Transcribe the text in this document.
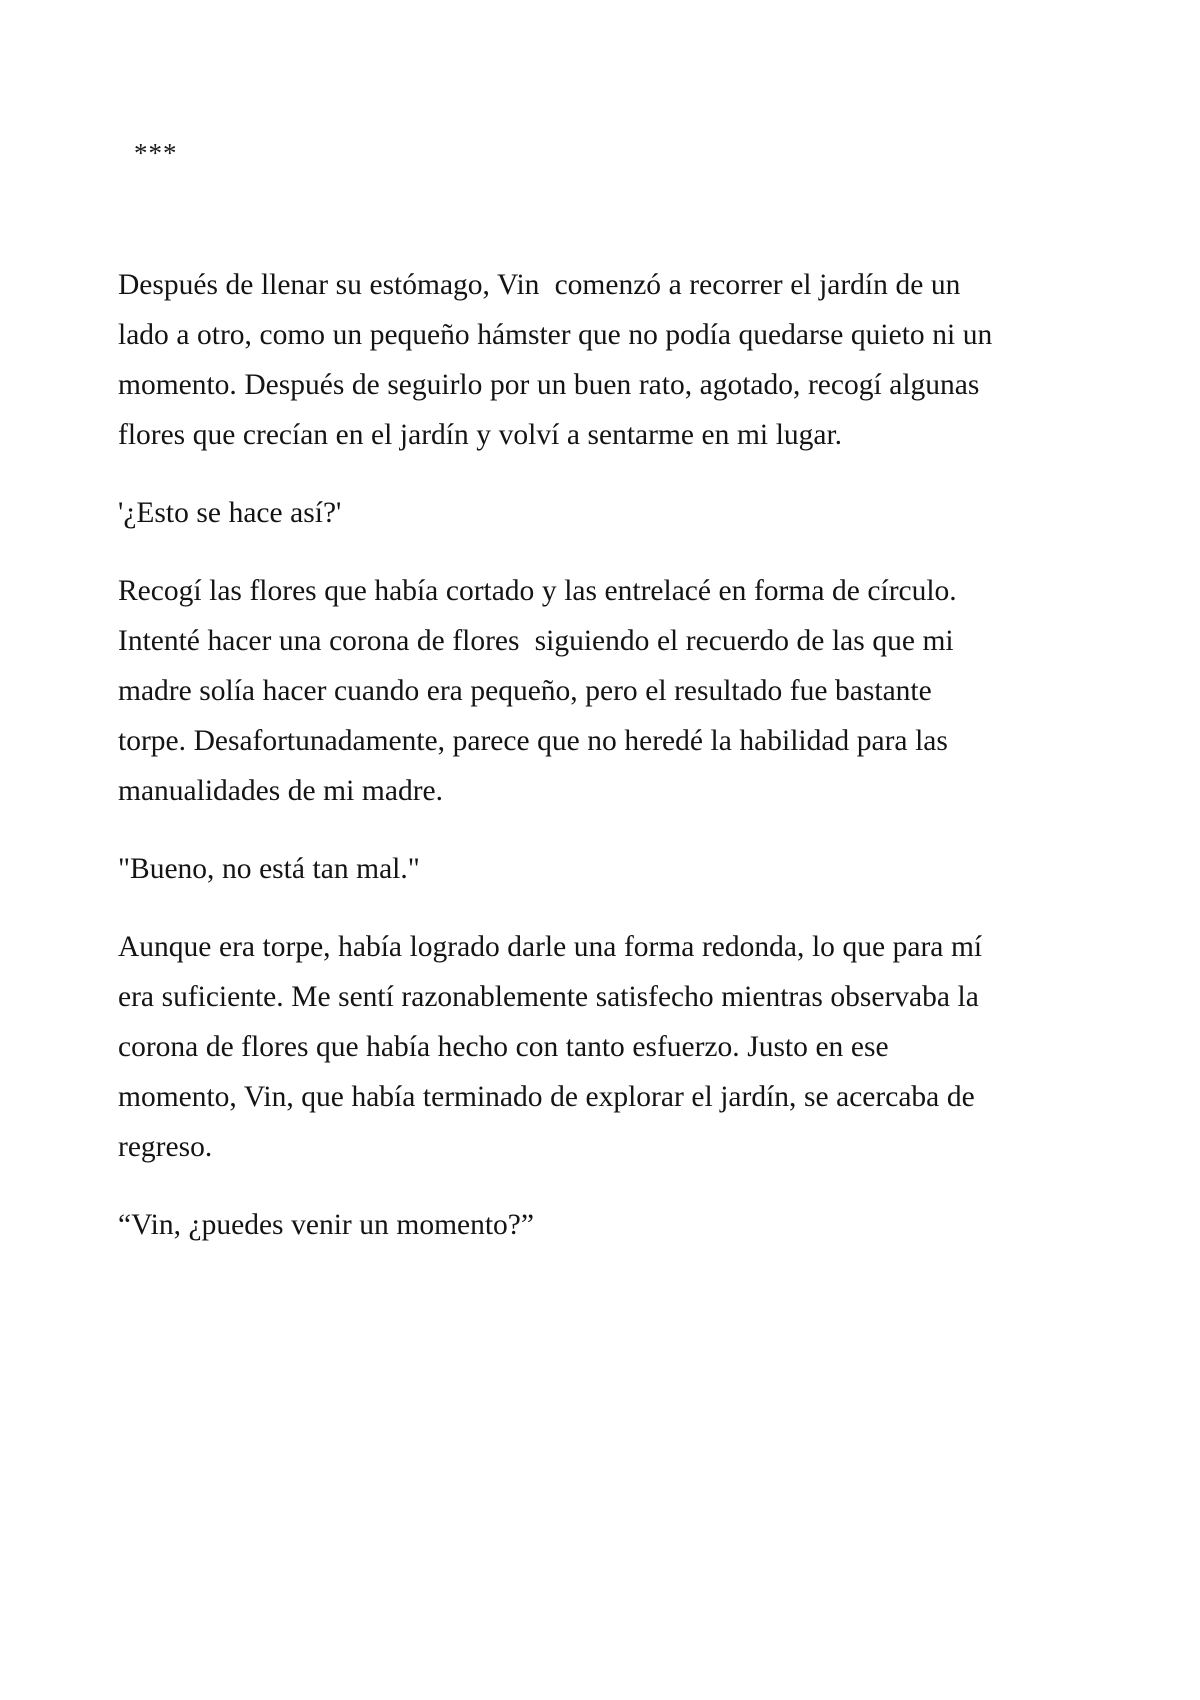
***

Después de llenar su estómago, Vin  comenzó a recorrer el jardín de un lado a otro, como un pequeño hámster que no podía quedarse quieto ni un momento. Después de seguirlo por un buen rato, agotado, recogí algunas flores que crecían en el jardín y volví a sentarme en mi lugar.

'¿Esto se hace así?'

Recogí las flores que había cortado y las entrelacé en forma de círculo. Intenté hacer una corona de flores  siguiendo el recuerdo de las que mi madre solía hacer cuando era pequeño, pero el resultado fue bastante torpe. Desafortunadamente, parece que no heredé la habilidad para las manualidades de mi madre.

"Bueno, no está tan mal."

Aunque era torpe, había logrado darle una forma redonda, lo que para mí era suficiente. Me sentí razonablemente satisfecho mientras observaba la corona de flores que había hecho con tanto esfuerzo. Justo en ese momento, Vin, que había terminado de explorar el jardín, se acercaba de regreso.

“Vin, ¿puedes venir un momento?”
